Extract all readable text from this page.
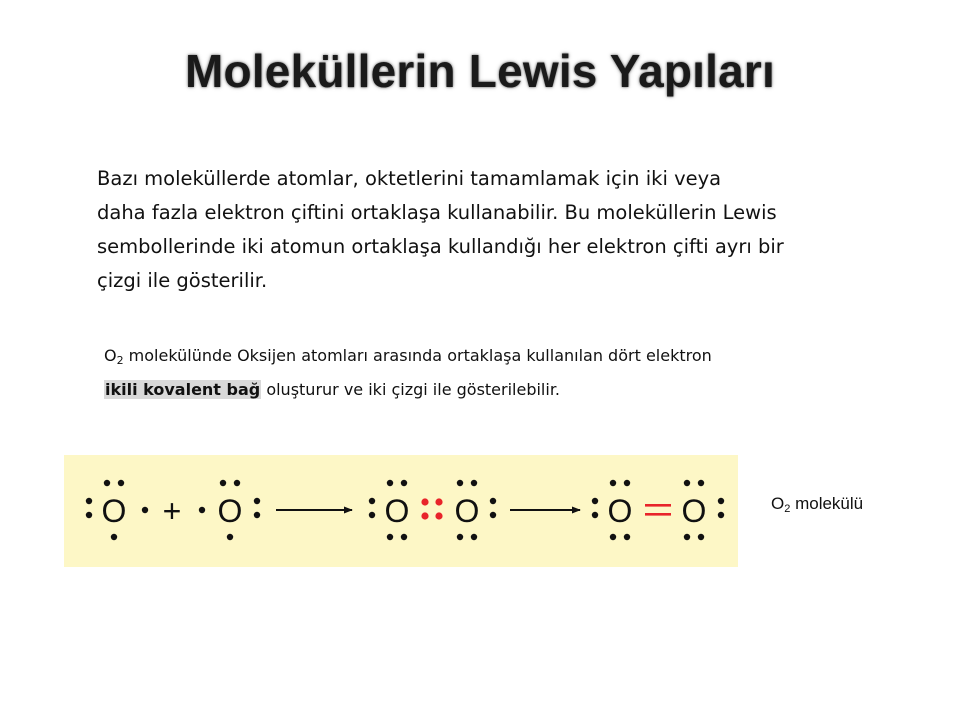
Moleküllerin Lewis Yapıları
Bazı moleküllerde atomlar, oktetlerini tamamlamak için iki veya
daha fazla elektron çiftini ortaklaşa kullanabilir. Bu moleküllerin Lewis
sembollerinde iki atomun ortaklaşa kullandığı her elektron çifti ayrı bir
çizgi ile gösterilir.
$O_2$ molekülünde Oksijen atomları arasında ortaklaşa kullanılan dört elektron
ikili kovalent bağ oluşturur ve iki çizgi ile gösterilebilir.
O + O	O O	O O	$O_2$ molekülü
